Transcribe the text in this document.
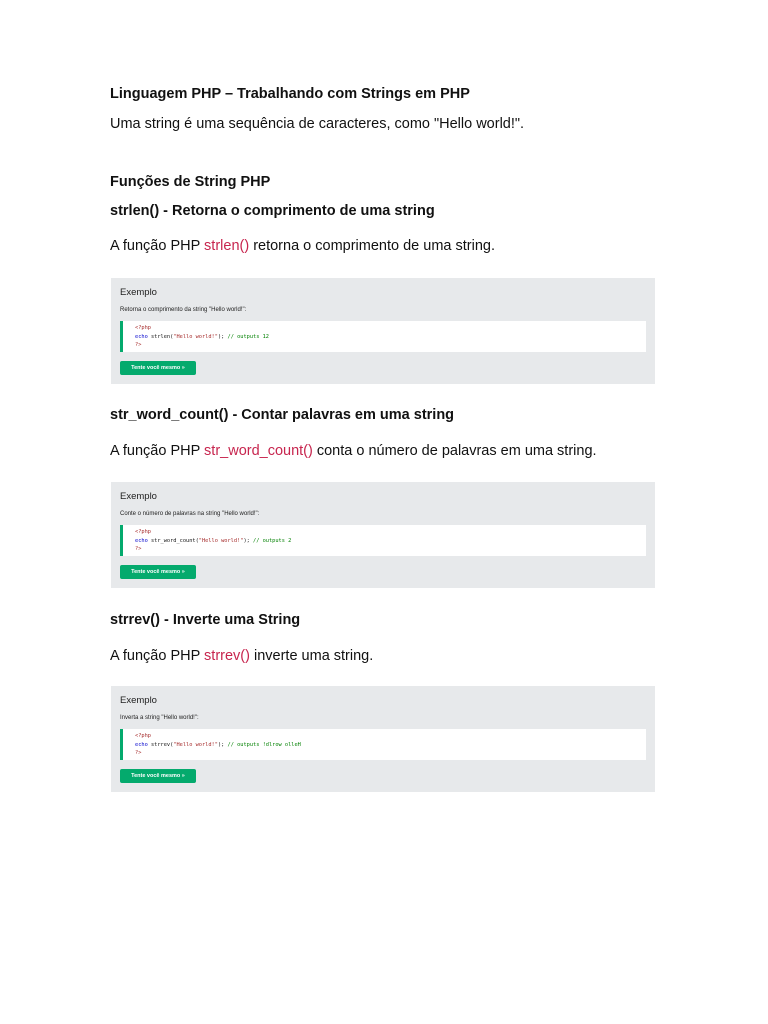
Linguagem PHP – Trabalhando com Strings em PHP
Uma string é uma sequência de caracteres, como "Hello world!".
Funções de String PHP
strlen() - Retorna o comprimento de uma string
A função PHP strlen() retorna o comprimento de uma string.
Exemplo
Retorna o comprimento da string "Hello world!":
<?php
echo strlen("Hello world!"); // outputs 12
?>
Tente você mesmo »
str_word_count() - Contar palavras em uma string
A função PHP str_word_count() conta o número de palavras em uma string.
Exemplo
Conte o número de palavras na string "Hello world!":
<?php
echo str_word_count("Hello world!"); // outputs 2
?>
Tente você mesmo »
strrev() - Inverte uma String
A função PHP strrev() inverte uma string.
Exemplo
Inverta a string "Hello world!":
<?php
echo strrev("Hello world!"); // outputs !dlrow olleH
?>
Tente você mesmo »
